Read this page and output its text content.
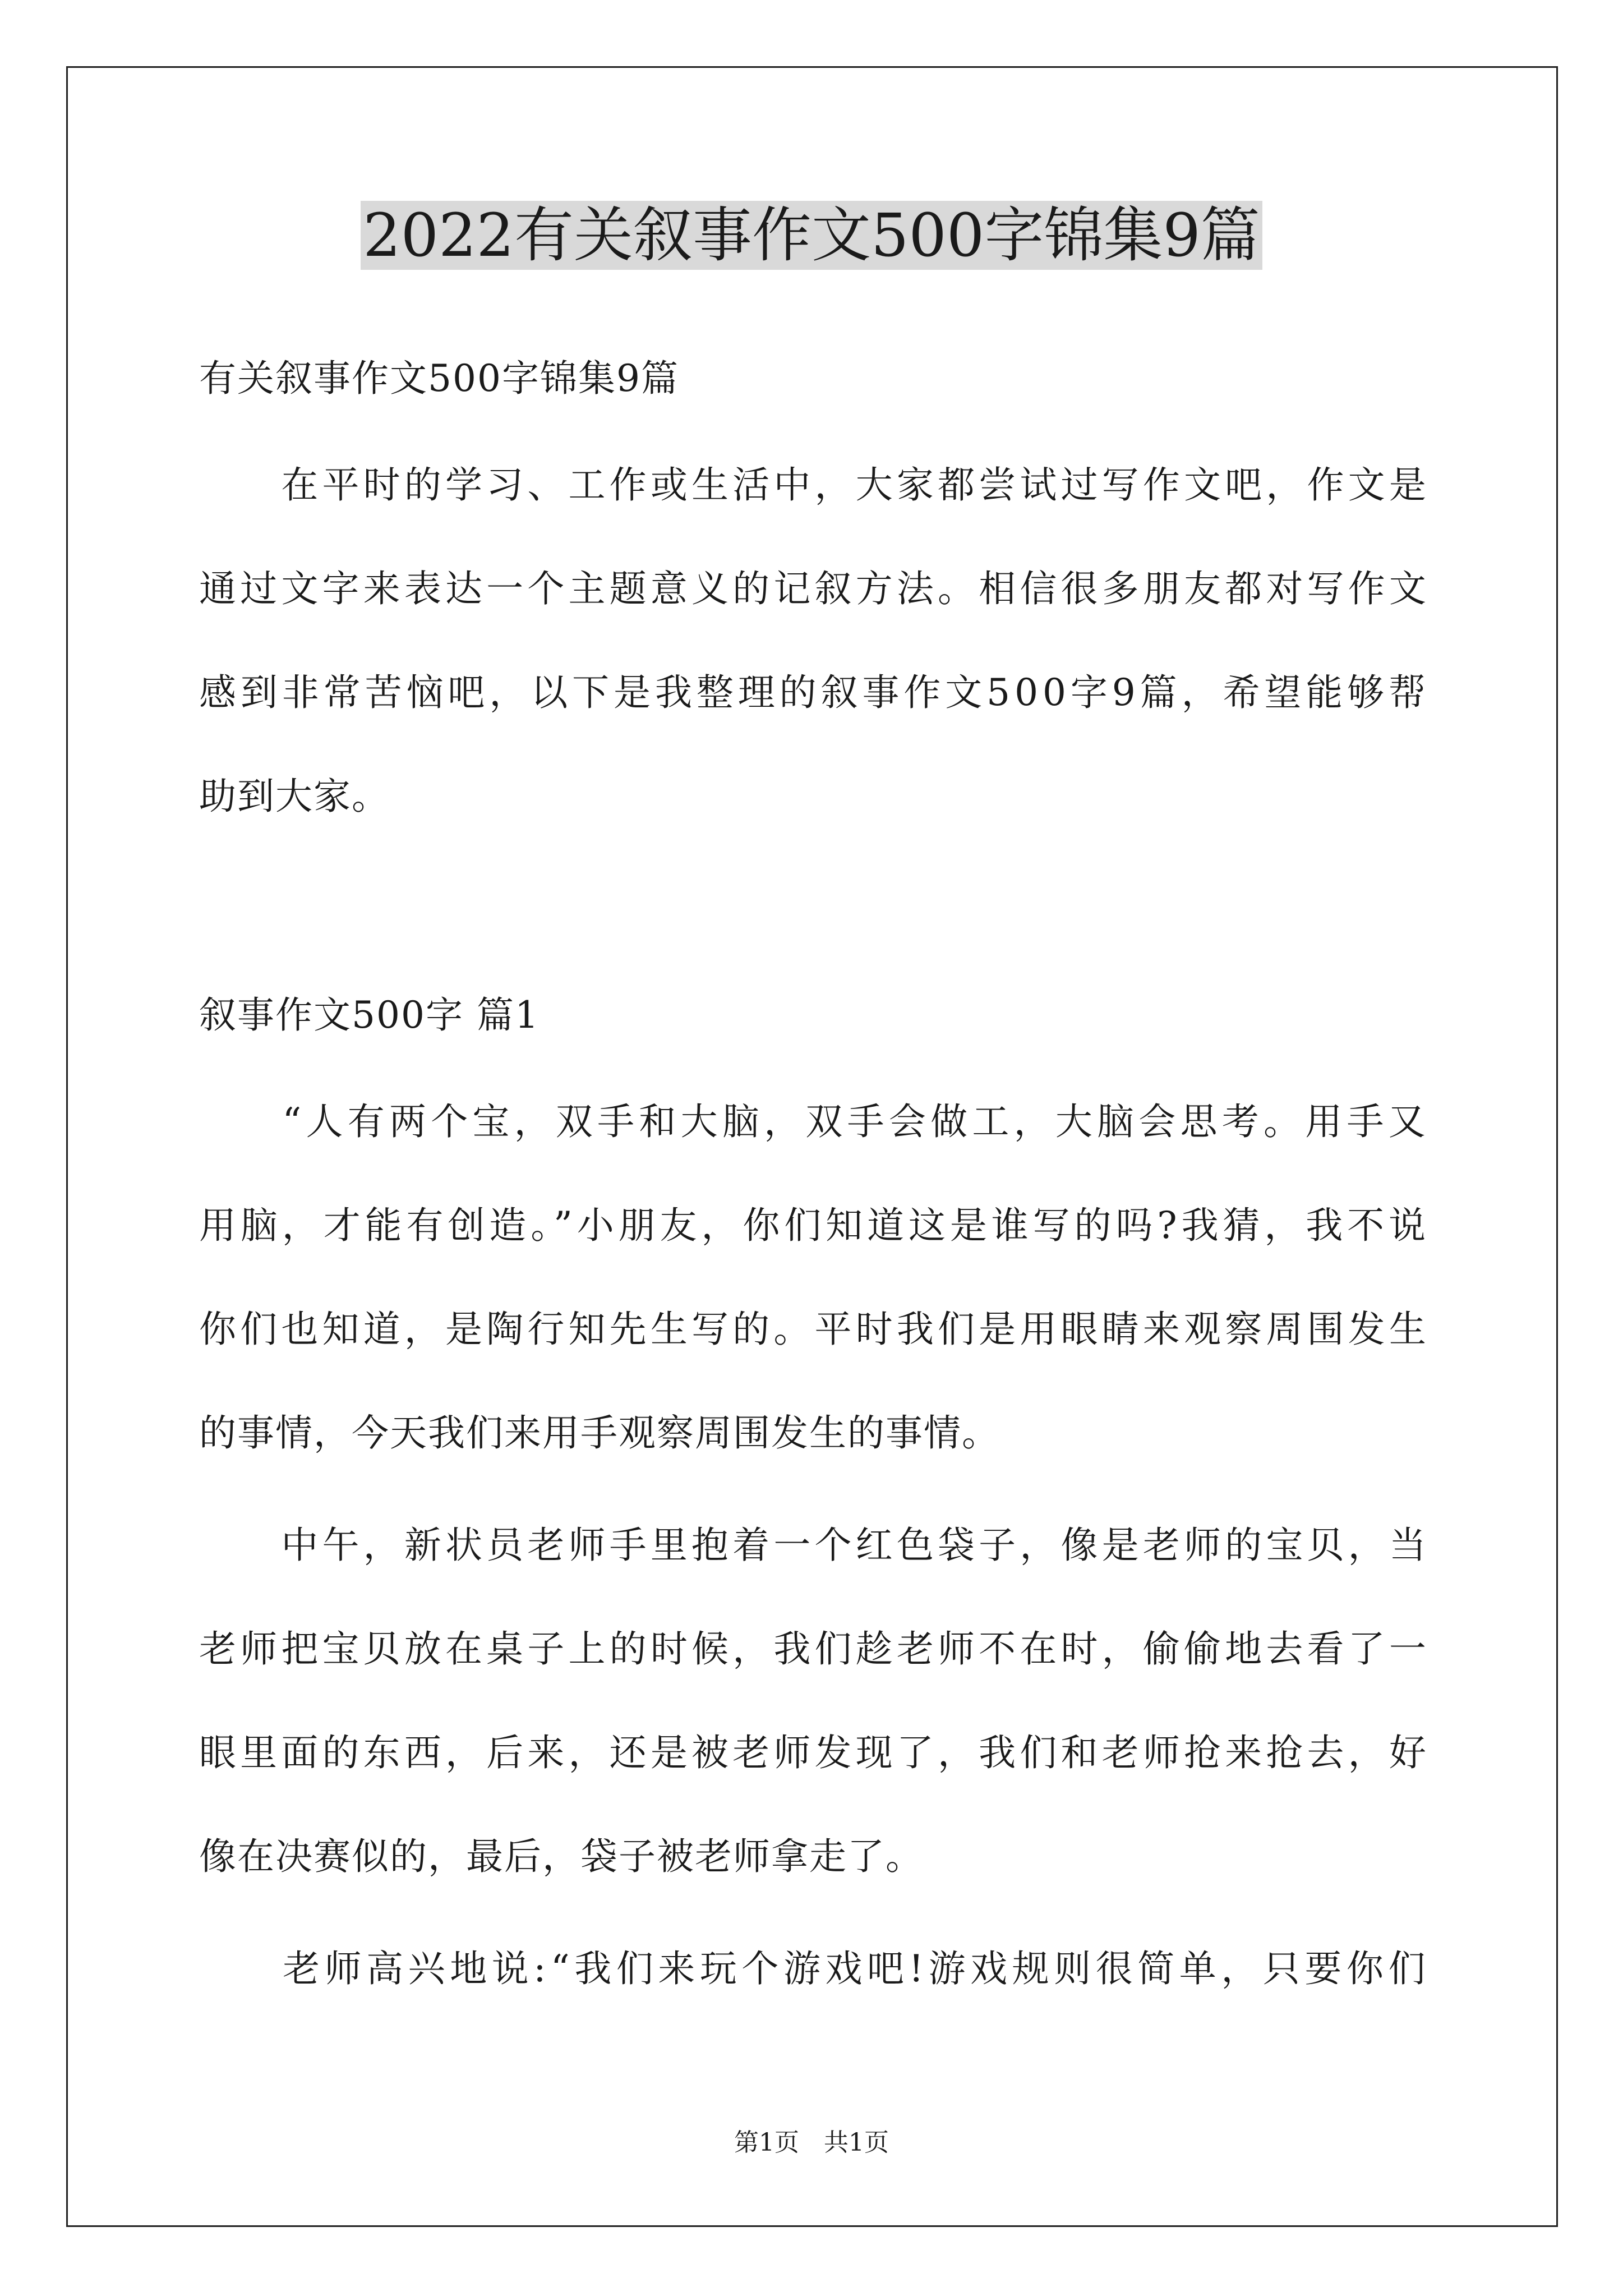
2022有关叙事作文500字锦集9篇
有关叙事作文500字锦集9篇
　　在平时的学习、工作或生活中，大家都尝试过写作文吧，作文是
通过文字来表达一个主题意义的记叙方法。相信很多朋友都对写作文
感到非常苦恼吧，以下是我整理的叙事作文500字9篇，希望能够帮
助到大家。
叙事作文500字 篇1
　　“人有两个宝，双手和大脑，双手会做工，大脑会思考。用手又
用脑，才能有创造。”小朋友，你们知道这是谁写的吗?我猜，我不说
你们也知道，是陶行知先生写的。平时我们是用眼睛来观察周围发生
的事情，今天我们来用手观察周围发生的事情。
　　中午，新状员老师手里抱着一个红色袋子，像是老师的宝贝，当
老师把宝贝放在桌子上的时候，我们趁老师不在时，偷偷地去看了一
眼里面的东西，后来，还是被老师发现了，我们和老师抢来抢去，好
像在决赛似的，最后，袋子被老师拿走了。
　　老师高兴地说:“我们来玩个游戏吧!游戏规则很简单，只要你们
第1页　共1页
